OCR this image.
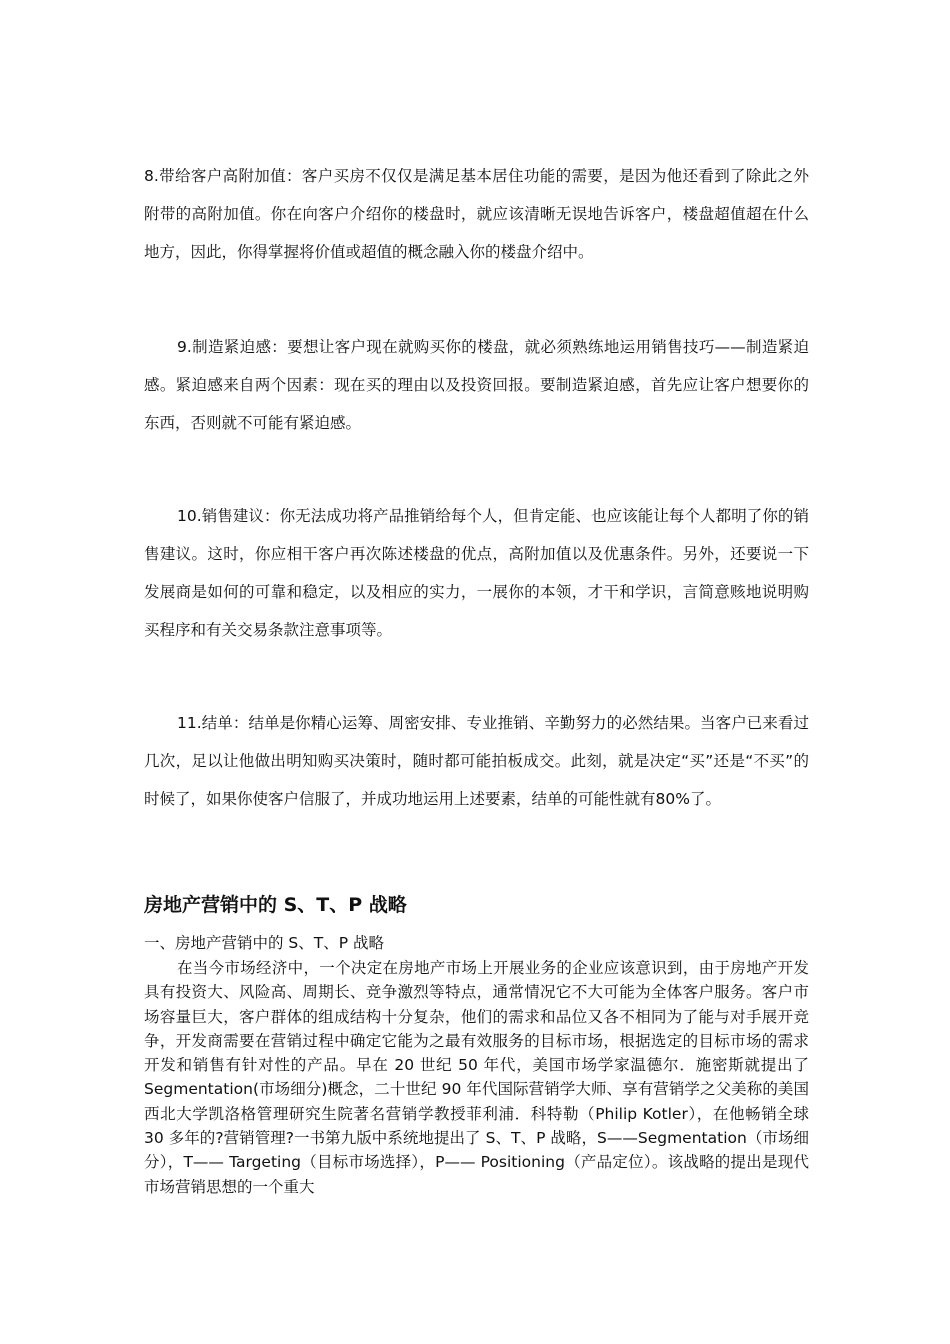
8.带给客户高附加值：客户买房不仅仅是满足基本居住功能的需要，是因为他还看到了除此之外附带的高附加值。你在向客户介绍你的楼盘时，就应该清晰无误地告诉客户，楼盘超值超在什么地方，因此，你得掌握将价值或超值的概念融入你的楼盘介绍中。

9.制造紧迫感：要想让客户现在就购买你的楼盘，就必须熟练地运用销售技巧——制造紧迫感。紧迫感来自两个因素：现在买的理由以及投资回报。要制造紧迫感，首先应让客户想要你的东西，否则就不可能有紧迫感。

10.销售建议：你无法成功将产品推销给每个人，但肯定能、也应该能让每个人都明了你的销售建议。这时，你应相干客户再次陈述楼盘的优点，高附加值以及优惠条件。另外，还要说一下发展商是如何的可靠和稳定，以及相应的实力，一展你的本领，才干和学识，言简意赅地说明购买程序和有关交易条款注意事项等。

11.结单：结单是你精心运筹、周密安排、专业推销、辛勤努力的必然结果。当客户已来看过几次，足以让他做出明知购买决策时，随时都可能拍板成交。此刻，就是决定“买”还是“不买”的时候了，如果你使客户信服了，并成功地运用上述要素，结单的可能性就有80%了。

房地产营销中的 S、T、P 战略

一、房地产营销中的 S、T、P 战略

在当今市场经济中，一个决定在房地产市场上开展业务的企业应该意识到，由于房地产开发具有投资大、风险高、周期长、竞争激烈等特点，通常情况它不大可能为全体客户服务。客户市场容量巨大，客户群体的组成结构十分复杂，他们的需求和品位又各不相同为了能与对手展开竞争，开发商需要在营销过程中确定它能为之最有效服务的目标市场，根据选定的目标市场的需求开发和销售有针对性的产品。早在 20 世纪 50 年代，美国市场学家温德尔．施密斯就提出了 Segmentation(市场细分)概念，二十世纪 90 年代国际营销学大师、享有营销学之父美称的美国西北大学凯洛格管理研究生院著名营销学教授菲利浦．科特勒（Philip Kotler），在他畅销全球 30 多年的?营销管理?一书第九版中系统地提出了 S、T、P 战略，S——Segmentation（市场细分），T—— Targeting（目标市场选择），P—— Positioning（产品定位）。该战略的提出是现代市场营销思想的一个重大
